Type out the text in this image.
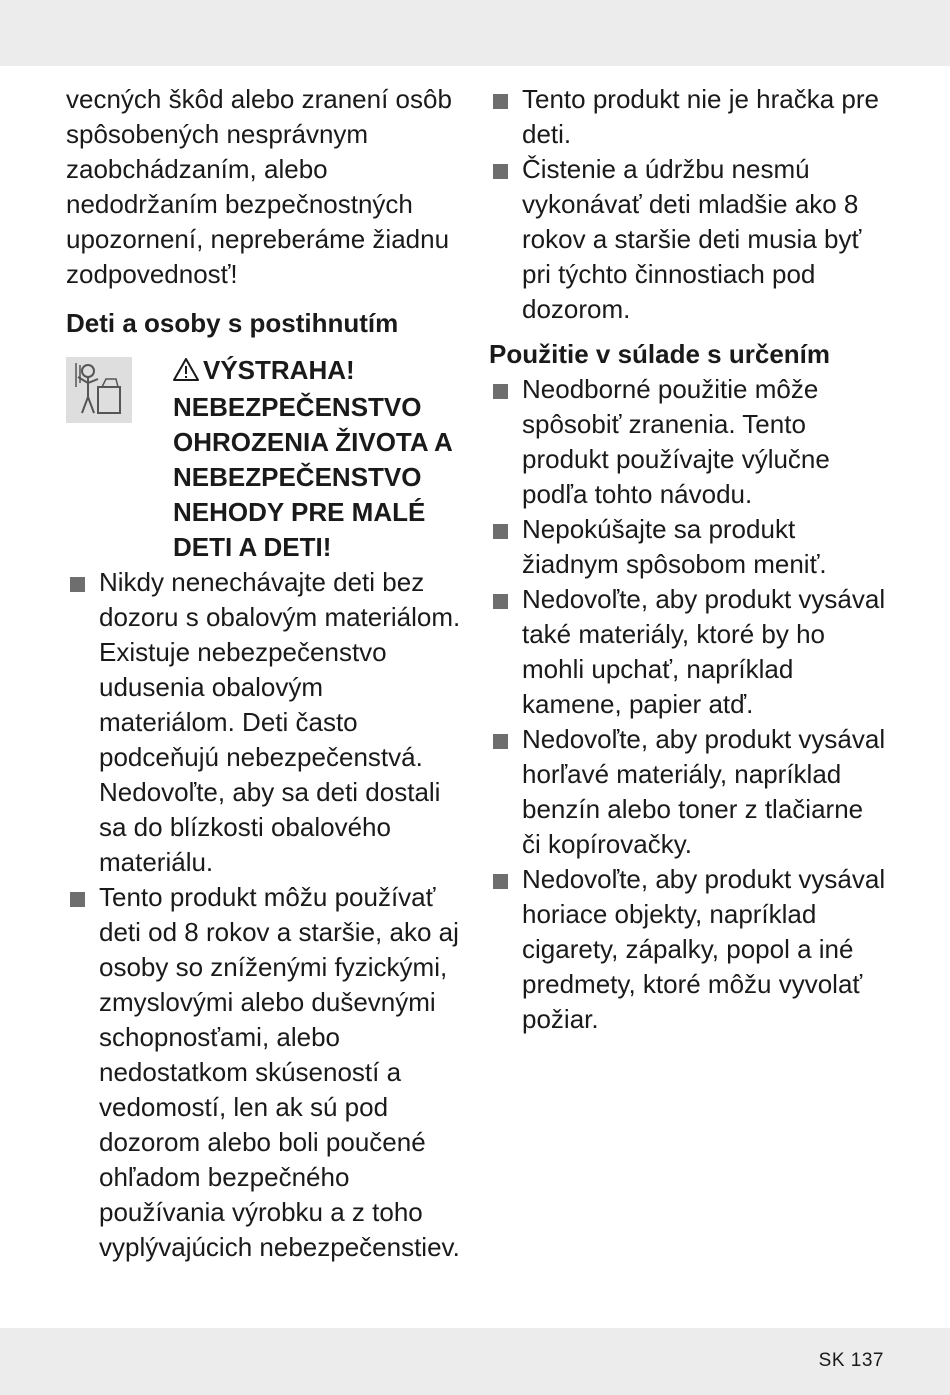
vecných škôd alebo zranení osôb spôsobených nesprávnym zaobchádzaním, alebo nedodržaním bezpečnostných upozornení, nepreberáme žiadnu zodpovednosť!

Deti a osoby s postihnutím

VÝSTRAHA! NEBEZPEČENSTVO OHROZENIA ŽIVOTA A NEBEZPEČENSTVO NEHODY PRE MALÉ DETI A DETI!

Nikdy nenechávajte deti bez dozoru s obalovým materiálom. Existuje nebezpečenstvo udusenia obalovým materiálom. Deti často podceňujú nebezpečenstvá. Nedovoľte, aby sa deti dostali sa do blízkosti obalového materiálu.
Tento produkt môžu používať deti od 8 rokov a staršie, ako aj osoby so zníženými fyzickými, zmyslovými alebo duševnými schopnosťami, alebo nedostatkom skúseností a vedomostí, len ak sú pod dozorom alebo boli poučené ohľadom bezpečného používania výrobku a z toho vyplývajúcich nebezpečenstiev.
Tento produkt nie je hračka pre deti.
Čistenie a údržbu nesmú vykonávať deti mladšie ako 8 rokov a staršie deti musia byť pri týchto činnostiach pod dozorom.
Použitie v súlade s určením
Neodborné použitie môže spôsobiť zranenia. Tento produkt používajte výlučne podľa tohto návodu.
Nepokúšajte sa produkt žiadnym spôsobom meniť.
Nedovoľte, aby produkt vysával také materiály, ktoré by ho mohli upchať, napríklad kamene, papier atď.
Nedovoľte, aby produkt vysával horľavé materiály, napríklad benzín alebo toner z tlačiarne či kopírovačky.
Nedovoľte, aby produkt vysával horiace objekty, napríklad cigarety, zápalky, popol a iné predmety, ktoré môžu vyvolať požiar.
SK 137
